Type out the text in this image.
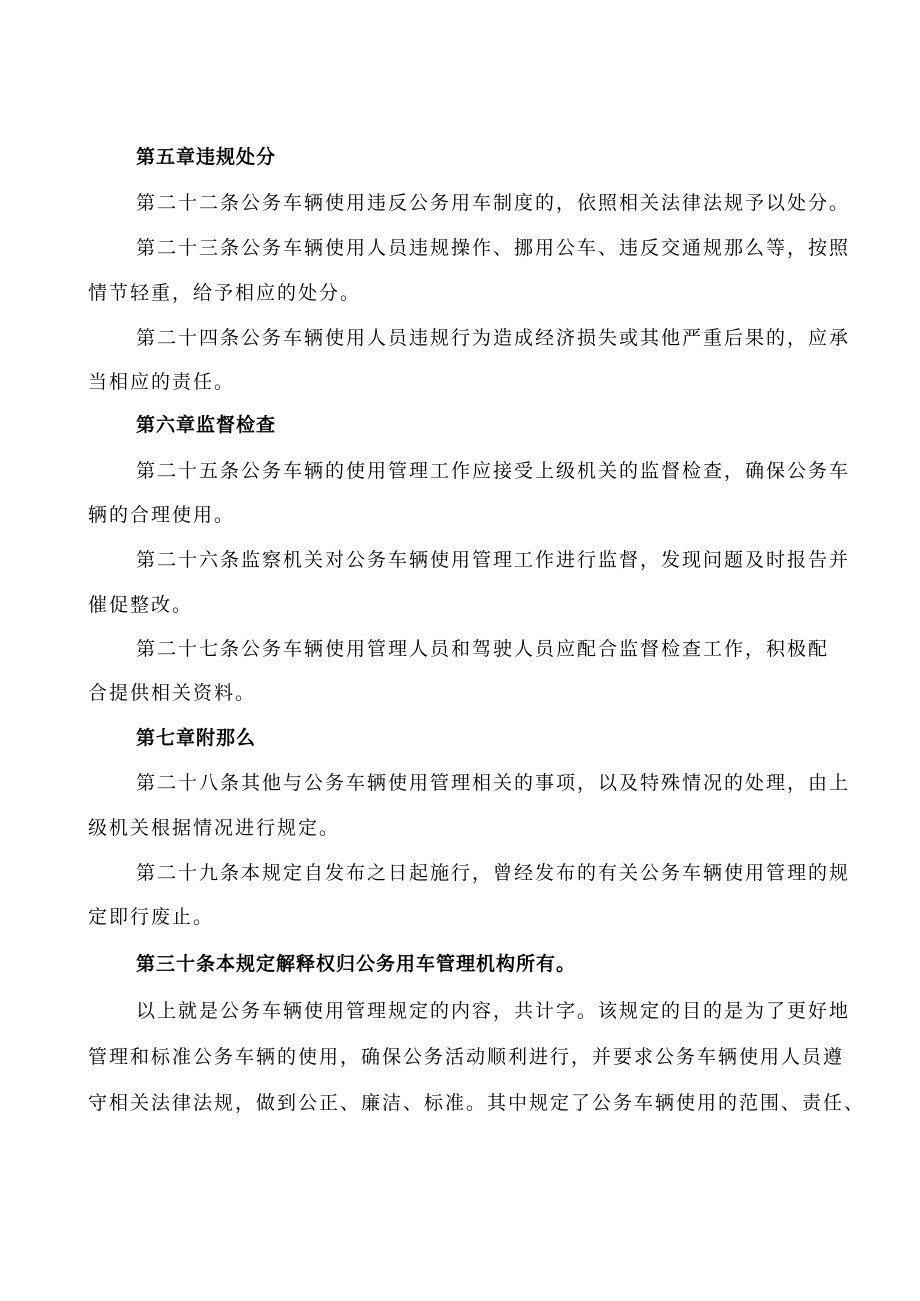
第五章违规处分
第二十二条公务车辆使用违反公务用车制度的，依照相关法律法规予以处分。
第二十三条公务车辆使用人员违规操作、挪用公车、违反交通规那么等，按照
情节轻重，给予相应的处分。
第二十四条公务车辆使用人员违规行为造成经济损失或其他严重后果的，应承
当相应的责任。
第六章监督检查
第二十五条公务车辆的使用管理工作应接受上级机关的监督检查，确保公务车
辆的合理使用。
第二十六条监察机关对公务车辆使用管理工作进行监督，发现问题及时报告并
催促整改。
第二十七条公务车辆使用管理人员和驾驶人员应配合监督检查工作，积极配
合提供相关资料。
第七章附那么
第二十八条其他与公务车辆使用管理相关的事项，以及特殊情况的处理，由上
级机关根据情况进行规定。
第二十九条本规定自发布之日起施行，曾经发布的有关公务车辆使用管理的规
定即行废止。
第三十条本规定解释权归公务用车管理机构所有。
以上就是公务车辆使用管理规定的内容，共计字。该规定的目的是为了更好地
管理和标准公务车辆的使用，确保公务活动顺利进行，并要求公务车辆使用人员遵
守相关法律法规，做到公正、廉洁、标准。其中规定了公务车辆使用的范围、责任、
